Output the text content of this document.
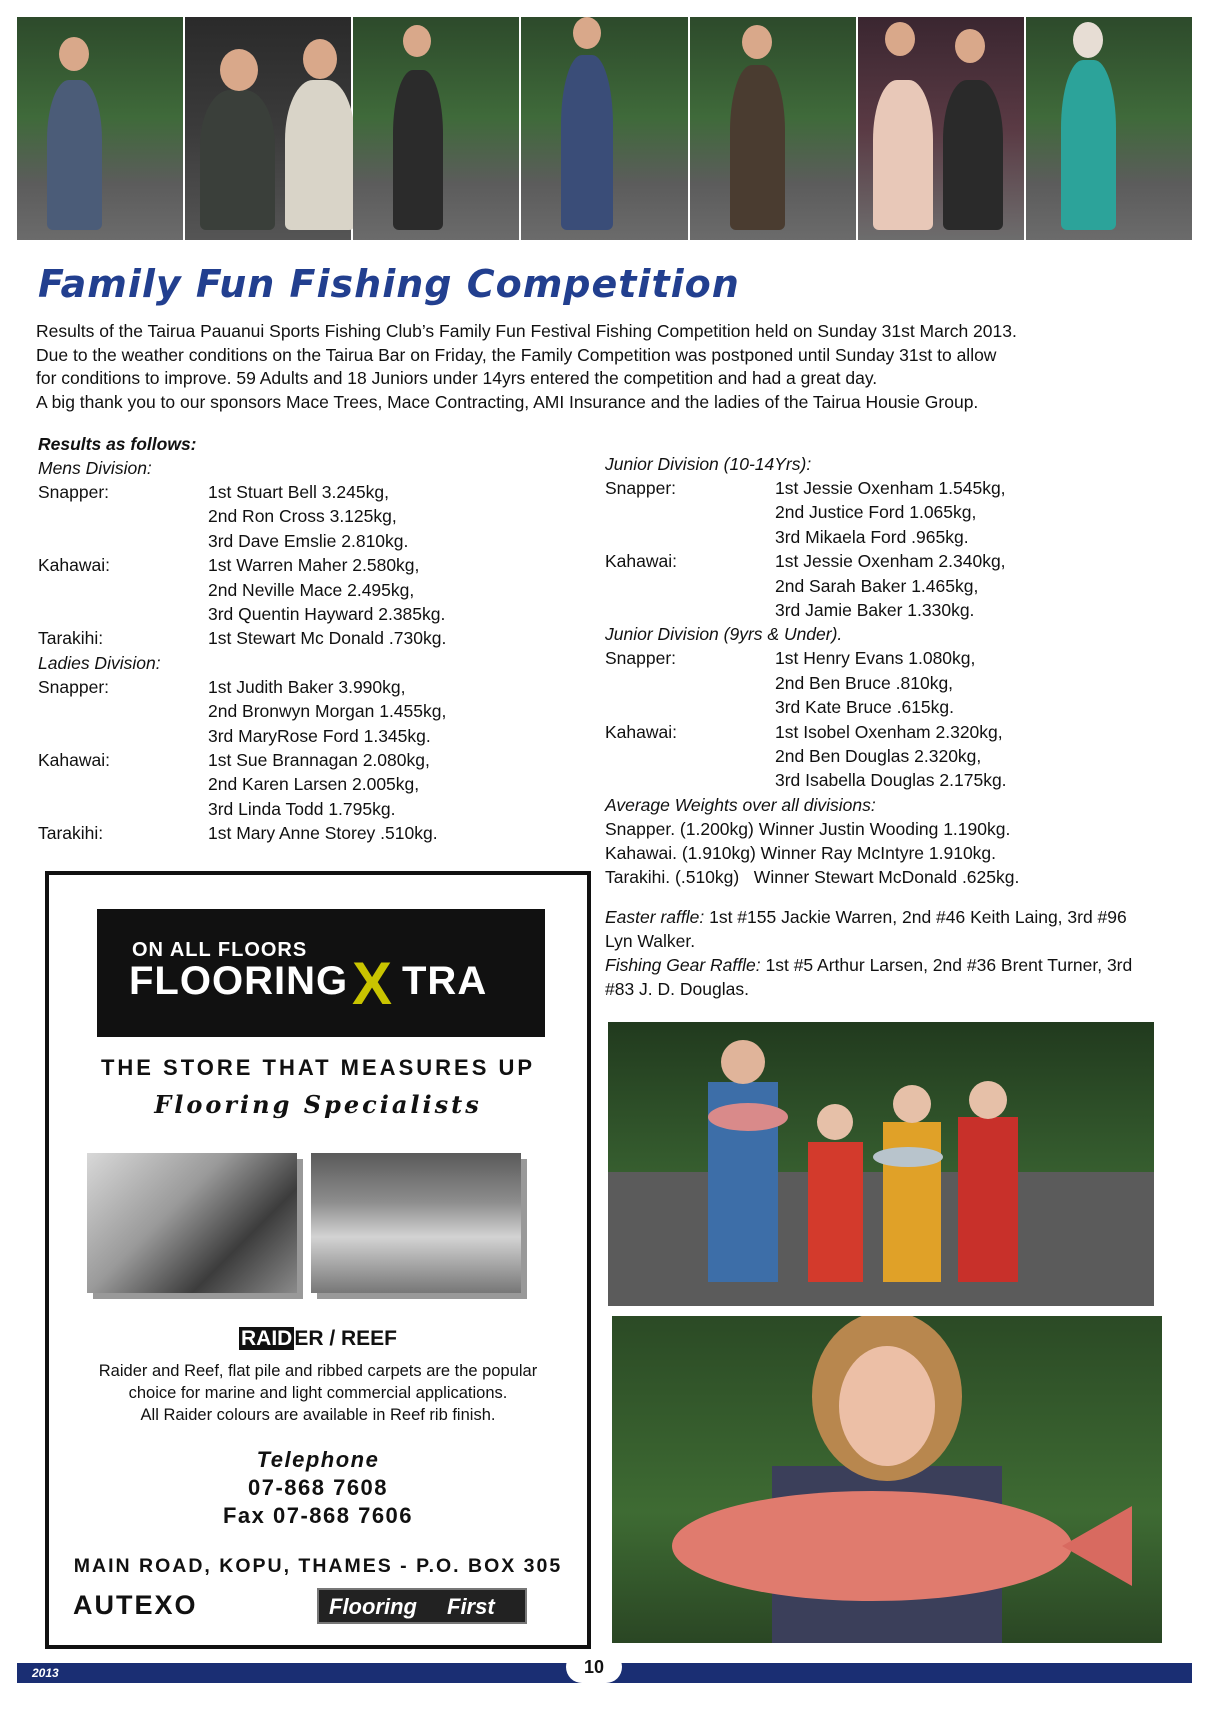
Family Fun Fishing Competition

Results of the Tairua Pauanui Sports Fishing Club’s Family Fun Festival Fishing Competition held on Sunday 31st March 2013.

Due to the weather conditions on the Tairua Bar on Friday, the Family Competition was postponed until Sunday 31st to allow

for conditions to improve. 59 Adults and 18 Juniors under 14yrs entered the competition and had a great day.

A big thank you to our sponsors Mace Trees, Mace Contracting, AMI Insurance and the ladies of the Tairua Housie Group.

Results as follows:
Mens Division:
Snapper:	1st Stuart Bell 3.245kg,
2nd Ron Cross 3.125kg,
3rd Dave Emslie 2.810kg.
Kahawai:	1st Warren Maher 2.580kg,
2nd Neville Mace 2.495kg,
3rd Quentin Hayward 2.385kg.
Tarakihi:	1st Stewart Mc Donald .730kg.
Ladies Division:
Snapper:	1st Judith Baker 3.990kg,
2nd Bronwyn Morgan 1.455kg,
3rd MaryRose Ford 1.345kg.
Kahawai:	1st Sue Brannagan 2.080kg,
2nd Karen Larsen 2.005kg,
3rd Linda Todd 1.795kg.
Tarakihi:	1st Mary Anne Storey .510kg.
Junior Division (10-14Yrs):
Snapper:	1st Jessie Oxenham 1.545kg,
2nd Justice Ford 1.065kg,
3rd Mikaela Ford .965kg.
Kahawai:	1st Jessie Oxenham 2.340kg,
2nd Sarah Baker 1.465kg,
3rd Jamie Baker 1.330kg.
Junior Division (9yrs & Under).
Snapper:	1st Henry Evans 1.080kg,
2nd Ben Bruce .810kg,
3rd Kate Bruce .615kg.
Kahawai:	1st Isobel Oxenham 2.320kg,
2nd Ben Douglas 2.320kg,
3rd Isabella Douglas 2.175kg.
Average Weights over all divisions:
Snapper. (1.200kg) Winner Justin Wooding 1.190kg.
Kahawai. (1.910kg) Winner Ray McIntyre 1.910kg.
Tarakihi. (.510kg)   Winner Stewart McDonald .625kg.
Easter raffle: 1st #155 Jackie Warren, 2nd #46 Keith Laing, 3rd #96 Lyn Walker.
Fishing Gear Raffle: 1st #5 Arthur Larsen, 2nd #36 Brent Turner, 3rd #83 J. D. Douglas.
ON ALL FLOORS
FLOORING X TRA
THE STORE THAT MEASURES UP
Flooring Specialists
RAIDER / REEF
Raider and Reef, flat pile and ribbed carpets are the popular
choice for marine and light commercial applications.
All Raider colours are available in Reef rib finish.
Telephone
07-868 7608
Fax 07-868 7606
MAIN ROAD, KOPU, THAMES - P.O. BOX 305
AUTEXO	Flooring First
2013	10
